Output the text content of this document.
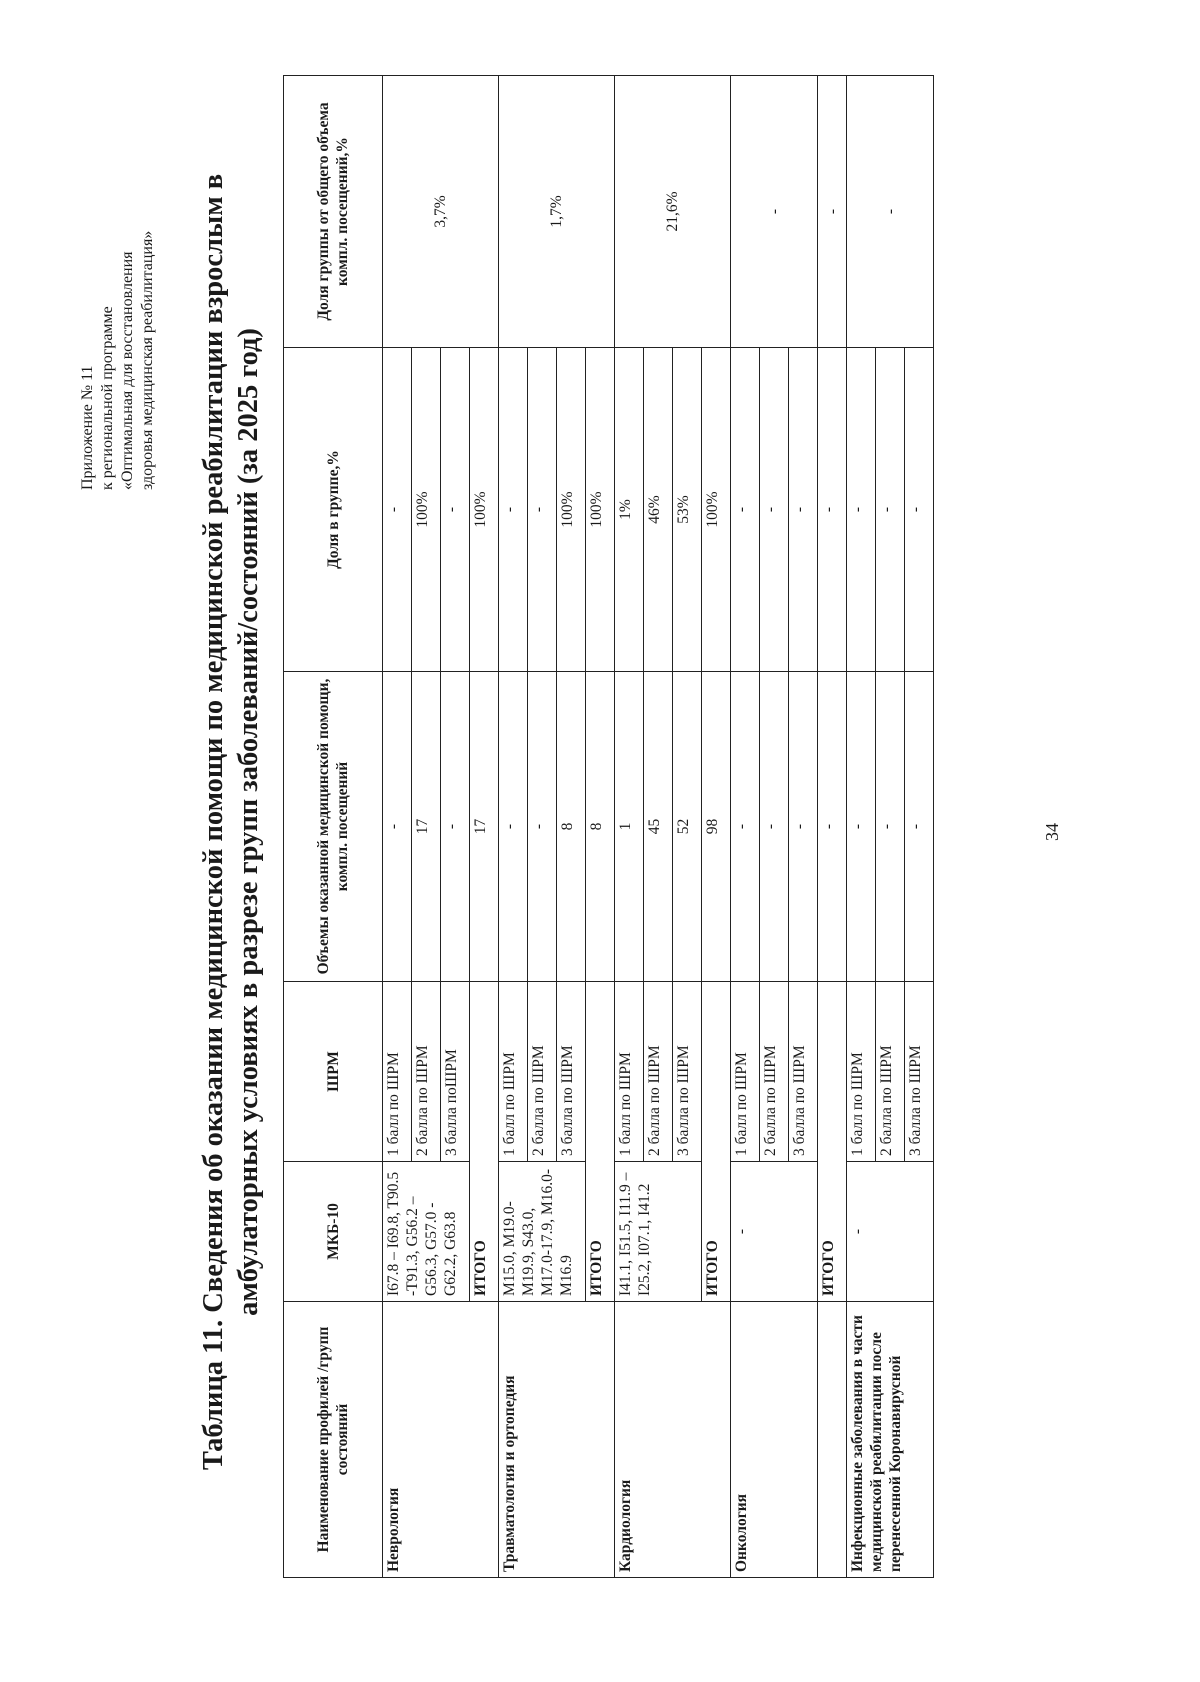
Приложение № 11 к региональной программе «Оптимальная для восстановления здоровья медицинская реабилитация» Таблица 11. Сведения об оказании медицинской помощи по медицинской реабилитации взрослым в амбулаторных условиях в разрезе групп заболеваний/состояний (за 2025 год)
Наименование профилей /групп состояний	МКБ-10	ШРМ	Объемы оказанной медицинской помощи, компл. посещений	Доля в группе,%	Доля группы от общего объема компл. посещений,%
Неврология	I67.8 – I69.8, T90.5 -T91.3, G56.2 – G56.3, G57.0 -G62.2, G63.8	1 балл по ШРМ	-	-	3,7%
		2 балла по ШРМ	17	100%	
		3 балла поШРМ	-	-	
	ИТОГО		17	100%	
Травматология и ортопедия	M15.0, M19.0-M19.9, S43.0, M17.0-17.9, M16.0-M16.9	1 балл по ШРМ	-	-	1,7%
		2 балла по ШРМ	-	-	
		3 балла по ШРМ	8	100%	
	ИТОГО		8	100%	
Кардиология	I41.1, I51.5, I11.9 – I25.2, I07.1, I41.2	1 балл по ШРМ	1	1%	21,6%
		2 балла по ШРМ	45	46%	
		3 балла по ШРМ	52	53%	
	ИТОГО		98	100%	
Онкология	-	1 балл по ШРМ	-	-	-
		2 балла по ШРМ	-	-	
		3 балла по ШРМ	-	-	
	ИТОГО		-	-	-
Инфекционные заболевания в части медицинской реабилитации после перенесенной Коронавирусной	-	1 балл по ШРМ	-	-	-
		2 балла по ШРМ	-	-	
		3 балла по ШРМ	-	-	
34
